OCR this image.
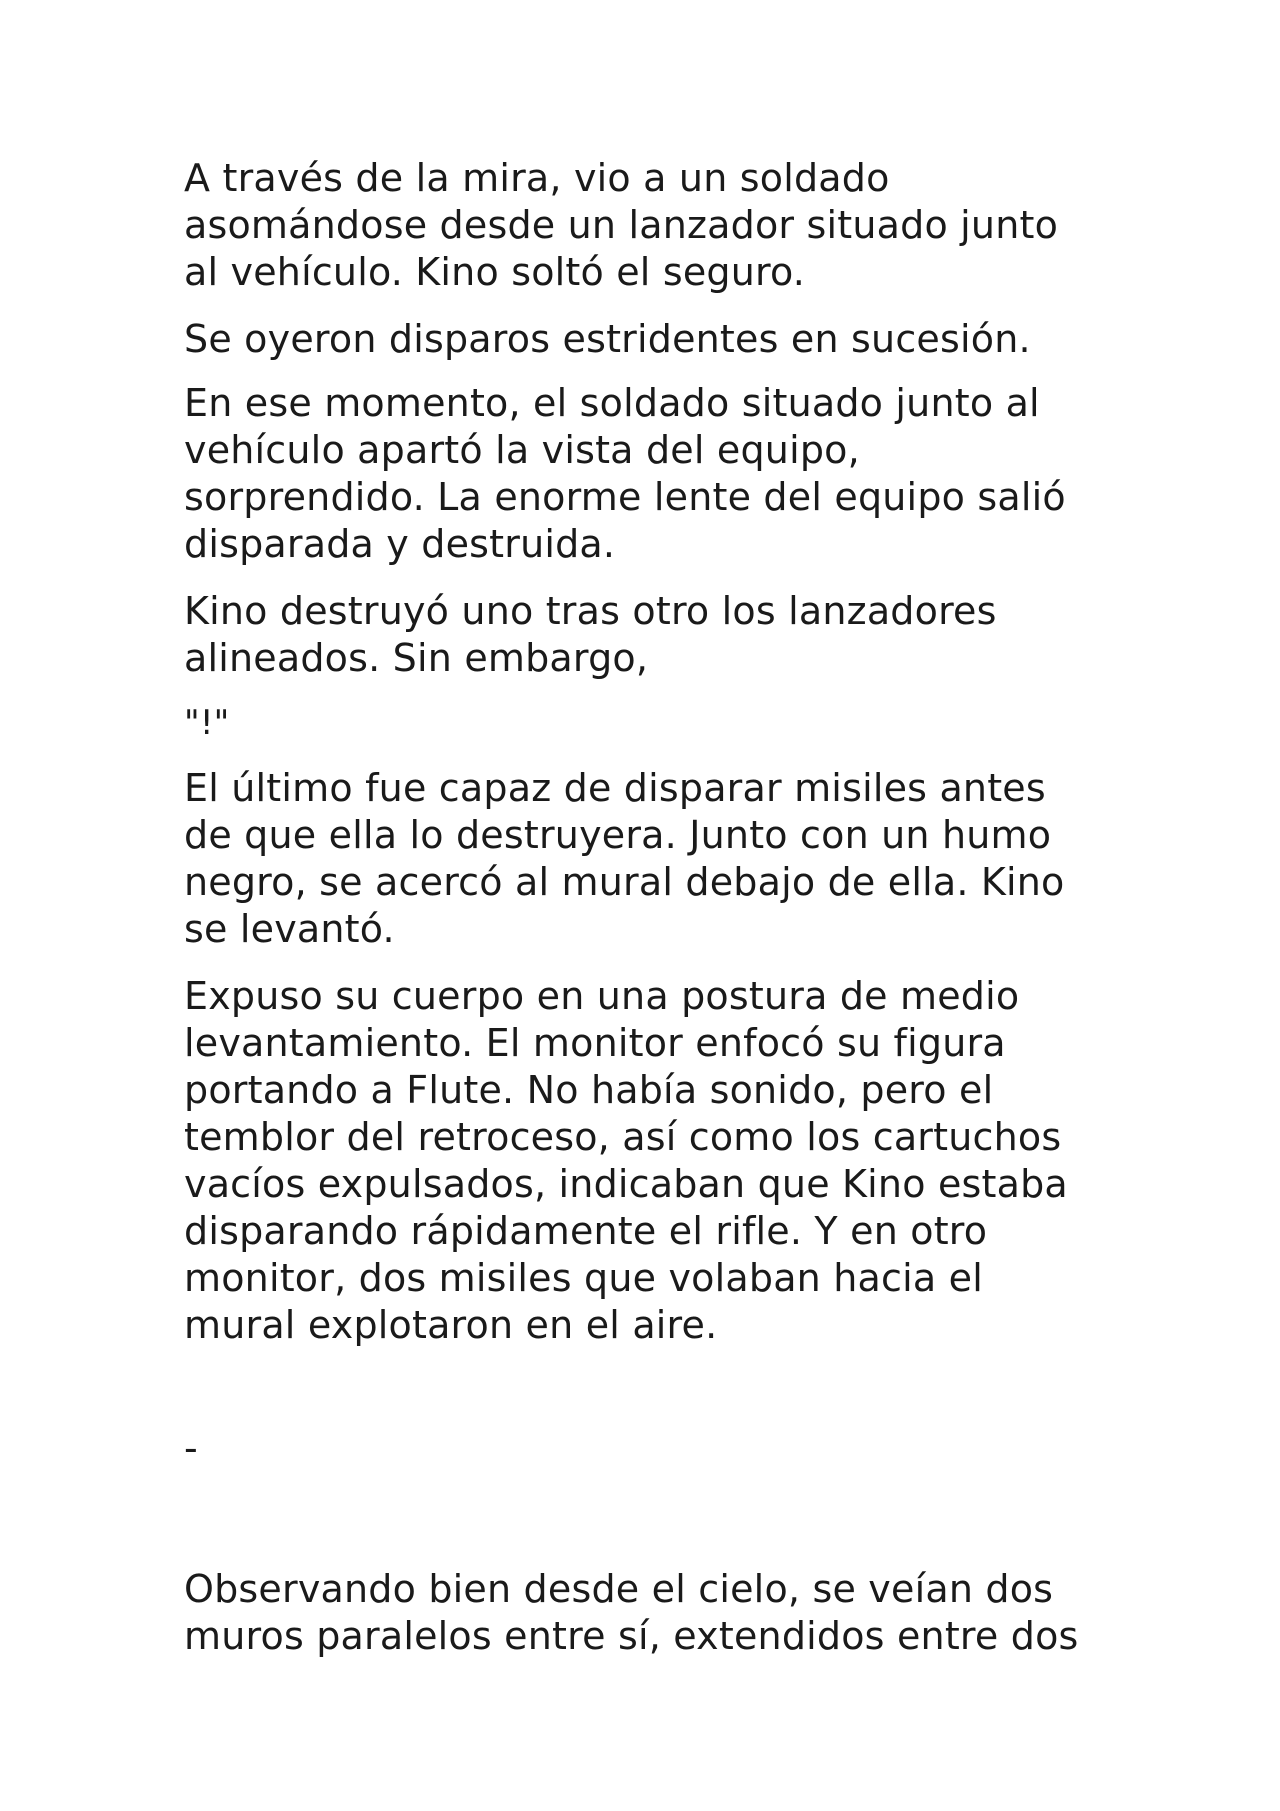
A través de la mira, vio a un soldado
asomándose desde un lanzador situado junto
al vehículo. Kino soltó el seguro.

Se oyeron disparos estridentes en sucesión.

En ese momento, el soldado situado junto al
vehículo apartó la vista del equipo,
sorprendido. La enorme lente del equipo salió
disparada y destruida.

Kino destruyó uno tras otro los lanzadores
alineados. Sin embargo,

"!"

El último fue capaz de disparar misiles antes
de que ella lo destruyera. Junto con un humo
negro, se acercó al mural debajo de ella. Kino
se levantó.

Expuso su cuerpo en una postura de medio
levantamiento. El monitor enfocó su figura
portando a Flute. No había sonido, pero el
temblor del retroceso, así como los cartuchos
vacíos expulsados, indicaban que Kino estaba
disparando rápidamente el rifle. Y en otro
monitor, dos misiles que volaban hacia el
mural explotaron en el aire.

-

Observando bien desde el cielo, se veían dos
muros paralelos entre sí, extendidos entre dos
